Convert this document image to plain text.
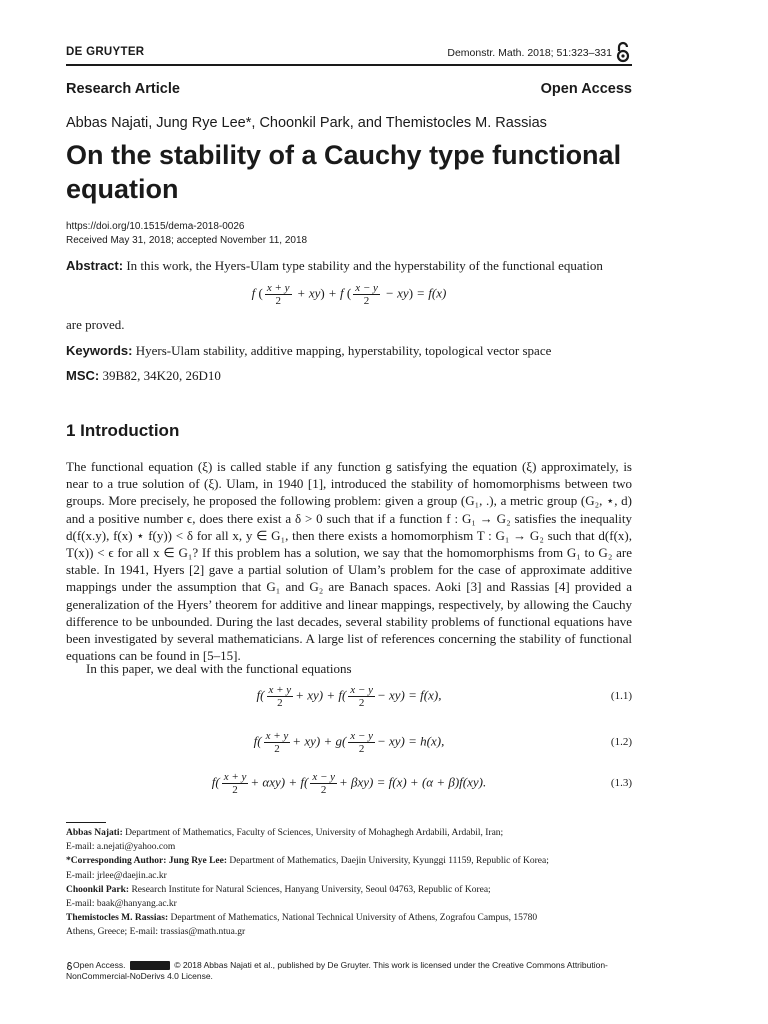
DE GRUYTER	Demonstr. Math. 2018; 51:323–331
Research Article	Open Access
Abbas Najati, Jung Rye Lee*, Choonkil Park, and Themistocles M. Rassias
On the stability of a Cauchy type functional equation
https://doi.org/10.1515/dema-2018-0026
Received May 31, 2018; accepted November 11, 2018
Abstract: In this work, the Hyers-Ulam type stability and the hyperstability of the functional equation
f ( $\frac{x + y}{2} + xy) + f$ ( $\frac{x - y}{2} - xy) = f(x)$
are proved.
Keywords: Hyers-Ulam stability, additive mapping, hyperstability, topological vector space
MSC: 39B82, 34K20, 26D10
1 Introduction
The functional equation (ξ) is called stable if any function g satisfying the equation (ξ) approximately, is near to a true solution of (ξ). Ulam, in 1940 [1], introduced the stability of homomorphisms between two groups. More precisely, he proposed the following problem: given a group (G₁, .), a metric group (G₂, ⋆, d) and a positive number ϵ, does there exist a δ > 0 such that if a function f : G₁ → G₂ satisfies the inequality d(f(x.y), f(x) ⋆ f(y)) < δ for all x, y ∈ G₁, then there exists a homomorphism T : G₁ → G₂ such that d(f(x), T(x)) < ϵ for all x ∈ G₁? If this problem has a solution, we say that the homomorphisms from G₁ to G₂ are stable. In 1941, Hyers [2] gave a partial solution of Ulam’s problem for the case of approximate additive mappings under the assumption that G₁ and G₂ are Banach spaces. Aoki [3] and Rassias [4] provided a generalization of the Hyers’ theorem for additive and linear mappings, respectively, by allowing the Cauchy difference to be unbounded. During the last decades, several stability problems of functional equations have been investigated by several mathematicians. A large list of references concerning the stability of functional equations can be found in [5–15].
In this paper, we deal with the functional equations
$f( \frac{x + y}{2} + xy) + f( \frac{x - y}{2} - xy) = f(x)$,	(1.1)
$f( \frac{x + y}{2} + xy) + g( \frac{x - y}{2} - xy) = h(x)$,	(1.2)
$f( \frac{x + y}{2} + \alpha xy) + f( \frac{x - y}{2} + \beta xy) = f(x) + (\alpha + \beta)f(xy)$.	(1.3)
Abbas Najati: Department of Mathematics, Faculty of Sciences, University of Mohaghegh Ardabili, Ardabil, Iran;
E-mail: a.nejati@yahoo.com
*Corresponding Author: Jung Rye Lee: Department of Mathematics, Daejin University, Kyunggi 11159, Republic of Korea;
E-mail: jrlee@daejin.ac.kr
Choonkil Park: Research Institute for Natural Sciences, Hanyang University, Seoul 04763, Republic of Korea;
E-mail: baak@hanyang.ac.kr
Themistocles M. Rassias: Department of Mathematics, National Technical University of Athens, Zografou Campus, 15780
Athens, Greece; E-mail: trassias@math.ntua.gr
Open Access.	© 2018 Abbas Najati et al., published by De Gruyter. This work is licensed under the Creative Commons Attribution-NonCommercial-NoDerivs 4.0 License.
